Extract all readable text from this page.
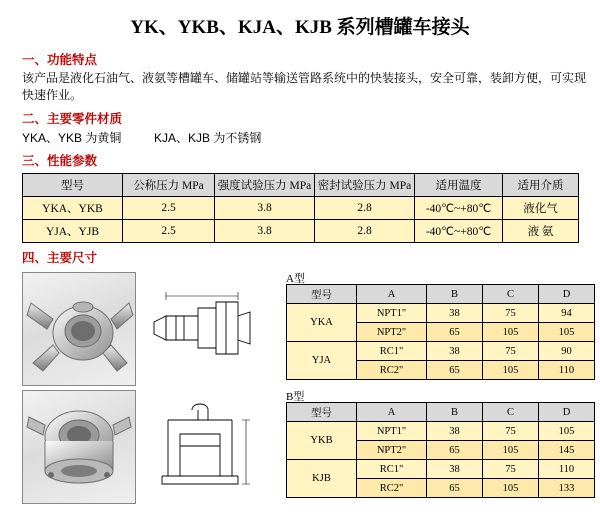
YK、YKB、KJA、KJB 系列槽罐车接头
一、功能特点
该产品是液化石油气、液氨等槽罐车、储罐站等输送管路系统中的快装接头，安全可靠，装卸方便，可实现快速作业。
二、主要零件材质
YKA、YKB 为黄铜	KJA、KJB 为不锈钢
三、性能参数
型号	公称压力 MPa	强度试验压力 MPa	密封试验压力 MPa	适用温度	适用介质
YKA、YKB	2.5	3.8	2.8	-40℃~+80℃	液化气
YJA、YJB	2.5	3.8	2.8	-40℃~+80℃	液 氨
四、主要尺寸
A型
型号	A	B	C	D
YKA	NPT1"	38	75	94
	NPT2"	65	105	105
YJA	RC1"	38	75	90
	RC2"	65	105	110
B型
型号	A	B	C	D
YKB	NPT1"	38	75	105
	NPT2"	65	105	145
KJB	RC1"	38	75	110
	RC2"	65	105	133
